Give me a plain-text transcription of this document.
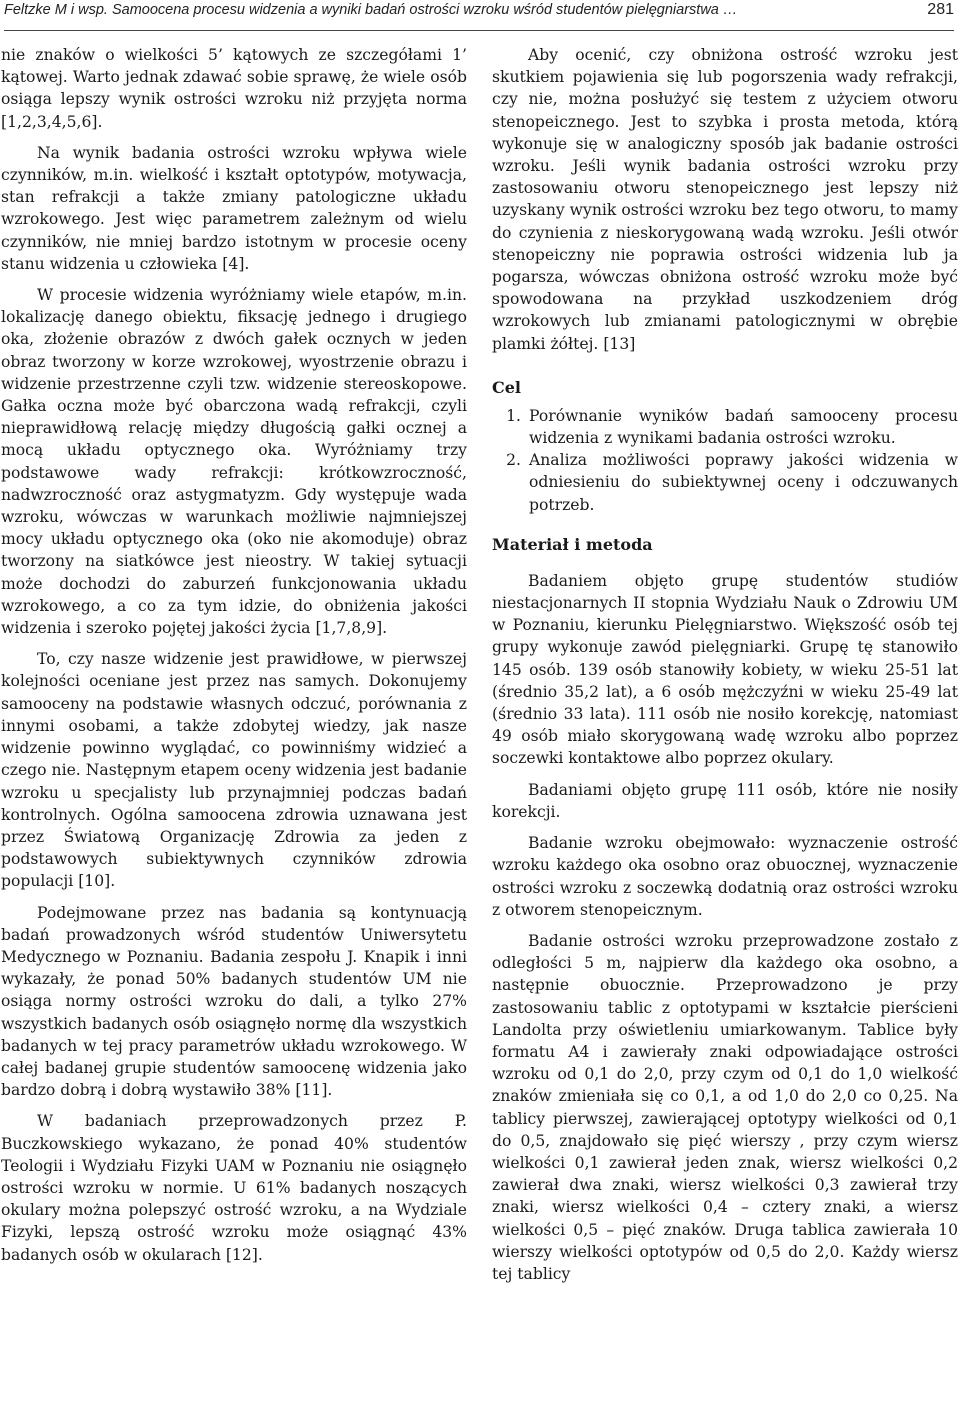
Feltzke M i wsp. Samoocena procesu widzenia a wyniki badań ostrości wzroku wśród studentów pielęgniarstwa …	281

nie znaków o wielkości 5’ kątowych ze szczegółami 1’ kątowej. Warto jednak zdawać sobie sprawę, że wiele osób osiąga lepszy wynik ostrości wzroku niż przyjęta norma [1,2,3,4,5,6].

Na wynik badania ostrości wzroku wpływa wiele czynników, m.in. wielkość i kształt optotypów, motywacja, stan refrakcji a także zmiany patologiczne układu wzrokowego. Jest więc parametrem zależnym od wielu czynników, nie mniej bardzo istotnym w procesie oceny stanu widzenia u człowieka [4].

W procesie widzenia wyróżniamy wiele etapów, m.in. lokalizację danego obiektu, fiksację jednego i drugiego oka, złożenie obrazów z dwóch gałek ocznych w jeden obraz tworzony w korze wzrokowej, wyostrzenie obrazu i widzenie przestrzenne czyli tzw. widzenie stereoskopowe. Gałka oczna może być obarczona wadą refrakcji, czyli nieprawidłową relację między długością gałki ocznej a mocą układu optycznego oka. Wyróżniamy trzy podstawowe wady refrakcji: krótkowzroczność, nadwzroczność oraz astygmatyzm. Gdy występuje wada wzroku, wówczas w warunkach możliwie najmniejszej mocy układu optycznego oka (oko nie akomoduje) obraz tworzony na siatkówce jest nieostry. W takiej sytuacji może dochodzi do zaburzeń funkcjonowania układu wzrokowego, a co za tym idzie, do obniżenia jakości widzenia i szeroko pojętej jakości życia [1,7,8,9].

To, czy nasze widzenie jest prawidłowe, w pierwszej kolejności oceniane jest przez nas samych. Dokonujemy samooceny na podstawie własnych odczuć, porównania z innymi osobami, a także zdobytej wiedzy, jak nasze widzenie powinno wyglądać, co powinniśmy widzieć a czego nie. Następnym etapem oceny widzenia jest badanie wzroku u specjalisty lub przynajmniej podczas badań kontrolnych. Ogólna samoocena zdrowia uznawana jest przez Światową Organizację Zdrowia za jeden z podstawowych subiektywnych czynników zdrowia populacji [10].

Podejmowane przez nas badania są kontynuacją badań prowadzonych wśród studentów Uniwersytetu Medycznego w Poznaniu. Badania zespołu J. Knapik i inni wykazały, że ponad 50% badanych studentów UM nie osiąga normy ostrości wzroku do dali, a tylko 27% wszystkich badanych osób osiągnęło normę dla wszystkich badanych w tej pracy parametrów układu wzrokowego. W całej badanej grupie studentów samoocenę widzenia jako bardzo dobrą i dobrą wystawiło 38% [11].

W badaniach przeprowadzonych przez P. Buczkowskiego wykazano, że ponad 40% studentów Teologii i Wydziału Fizyki UAM w Poznaniu nie osiągnęło ostrości wzroku w normie. U 61% badanych noszących okulary można polepszyć ostrość wzroku, a na Wydziale Fizyki, lepszą ostrość wzroku może osiągnąć 43% badanych osób w okularach [12].

Aby ocenić, czy obniżona ostrość wzroku jest skutkiem pojawienia się lub pogorszenia wady refrakcji, czy nie, można posłużyć się testem z użyciem otworu stenopeicznego. Jest to szybka i prosta metoda, którą wykonuje się w analogiczny sposób jak badanie ostrości wzroku. Jeśli wynik badania ostrości wzroku przy zastosowaniu otworu stenopeicznego jest lepszy niż uzyskany wynik ostrości wzroku bez tego otworu, to mamy do czynienia z nieskorygowaną wadą wzroku. Jeśli otwór stenopeiczny nie poprawia ostrości widzenia lub ja pogarsza, wówczas obniżona ostrość wzroku może być spowodowana na przykład uszkodzeniem dróg wzrokowych lub zmianami patologicznymi w obrębie plamki żółtej. [13]

Cel
1. Porównanie wyników badań samooceny procesu widzenia z wynikami badania ostrości wzroku.
2. Analiza możliwości poprawy jakości widzenia w odniesieniu do subiektywnej oceny i odczuwanych potrzeb.
Materiał i metoda

Badaniem objęto grupę studentów studiów niestacjonarnych II stopnia Wydziału Nauk o Zdrowiu UM w Poznaniu, kierunku Pielęgniarstwo. Większość osób tej grupy wykonuje zawód pielęgniarki. Grupę tę stanowiło 145 osób. 139 osób stanowiły kobiety, w wieku 25-51 lat (średnio 35,2 lat), a 6 osób mężczyźni w wieku 25-49 lat (średnio 33 lata). 111 osób nie nosiło korekcję, natomiast 49 osób miało skorygowaną wadę wzroku albo poprzez soczewki kontaktowe albo poprzez okulary.

Badaniami objęto grupę 111 osób, które nie nosiły korekcji.

Badanie wzroku obejmowało: wyznaczenie ostrość wzroku każdego oka osobno oraz obuocznej, wyznaczenie ostrości wzroku z soczewką dodatnią oraz ostrości wzroku z otworem stenopeicznym.

Badanie ostrości wzroku przeprowadzone zostało z odległości 5 m, najpierw dla każdego oka osobno, a następnie obuocznie. Przeprowadzono je przy zastosowaniu tablic z optotypami w kształcie pierścieni Landolta przy oświetleniu umiarkowanym. Tablice były formatu A4 i zawierały znaki odpowiadające ostrości wzroku od 0,1 do 2,0, przy czym od 0,1 do 1,0 wielkość znaków zmieniała się co 0,1, a od 1,0 do 2,0 co 0,25. Na tablicy pierwszej, zawierającej optotypy wielkości od 0,1 do 0,5, znajdowało się pięć wierszy , przy czym wiersz wielkości 0,1 zawierał jeden znak, wiersz wielkości 0,2 zawierał dwa znaki, wiersz wielkości 0,3 zawierał trzy znaki, wiersz wielkości 0,4 – cztery znaki, a wiersz wielkości 0,5 – pięć znaków. Druga tablica zawierała 10 wierszy wielkości optotypów od 0,5 do 2,0. Każdy wiersz tej tablicy
